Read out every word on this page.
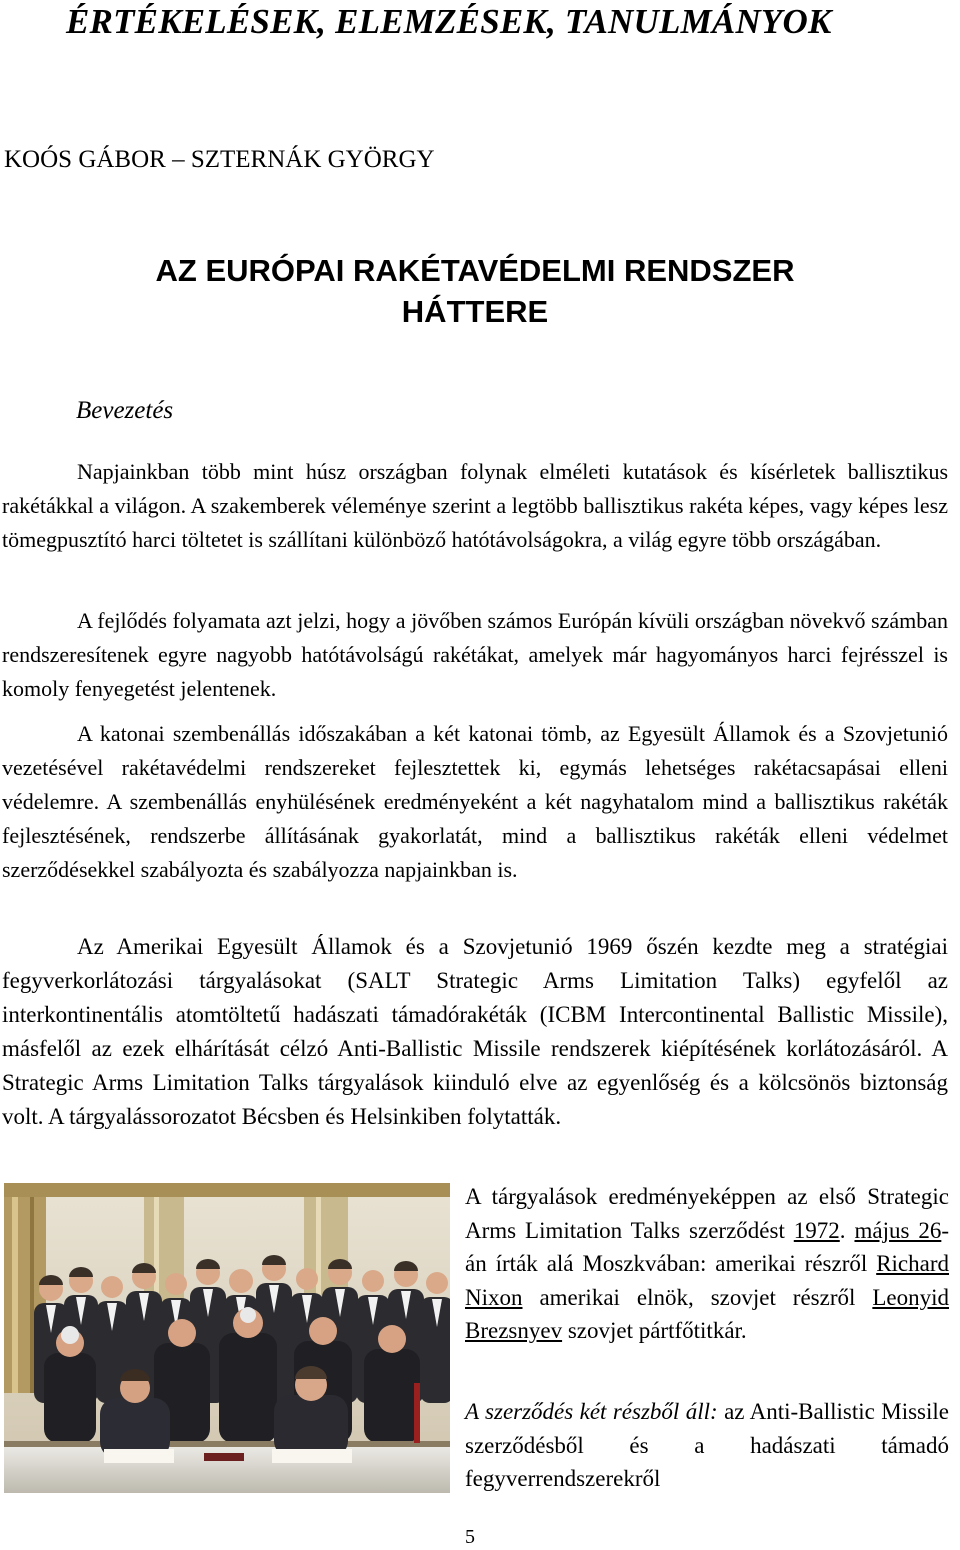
ÉRTÉKELÉSEK, ELEMZÉSEK, TANULMÁNYOK
KOÓS GÁBOR – SZTERNÁK GYÖRGY
AZ EURÓPAI RAKÉTAVÉDELMI RENDSZER
HÁTTERE
Bevezetés

Napjainkban több mint húsz országban folynak elméleti kutatások és kísérletek ballisztikus rakétákkal a világon. A szakemberek véleménye szerint a legtöbb ballisztikus rakéta képes, vagy képes lesz tömegpusztító harci töltetet is szállítani különböző hatótávolságokra, a világ egyre több országában.

A fejlődés folyamata azt jelzi, hogy a jövőben számos Európán kívüli országban növekvő számban rendszeresítenek egyre nagyobb hatótávolságú rakétákat, amelyek már hagyományos harci fejrésszel is komoly fenyegetést jelentenek.

A katonai szembenállás időszakában a két katonai tömb, az Egyesült Államok és a Szovjetunió vezetésével rakétavédelmi rendszereket fejlesztettek ki, egymás lehetséges rakétacsapásai elleni védelemre. A szembenállás enyhülésének eredményeként a két nagyhatalom mind a ballisztikus rakéták fejlesztésének, rendszerbe állításának gyakorlatát, mind a ballisztikus rakéták elleni védelmet szerződésekkel szabályozta és szabályozza napjainkban is.

Az Amerikai Egyesült Államok és a Szovjetunió 1969 őszén kezdte meg a stratégiai fegyverkorlátozási tárgyalásokat (SALT Strategic Arms Limitation Talks) egyfelől az interkontinentális atomtöltetű hadászati támadórakéták (ICBM Intercontinental Ballistic Missile), másfelől az ezek elhárítását célzó Anti-Ballistic Missile rendszerek kiépítésének korlátozásáról. A Strategic Arms Limitation Talks tárgyalások kiinduló elve az egyenlőség és a kölcsönös biztonság volt. A tárgyalássorozatot Bécsben és Helsinkiben folytatták.

A tárgyalások eredményeképpen az első Strategic Arms Limitation Talks szerződést 1972. május 26-án írták alá Moszkvában: amerikai részről Richard Nixon amerikai elnök, szovjet részről Leonyid Brezsnyev szovjet pártfőtitkár.

A szerződés két részből áll: az Anti-Ballistic Missile szerződésből és a hadászati támadó fegyverrendszerekről

5
